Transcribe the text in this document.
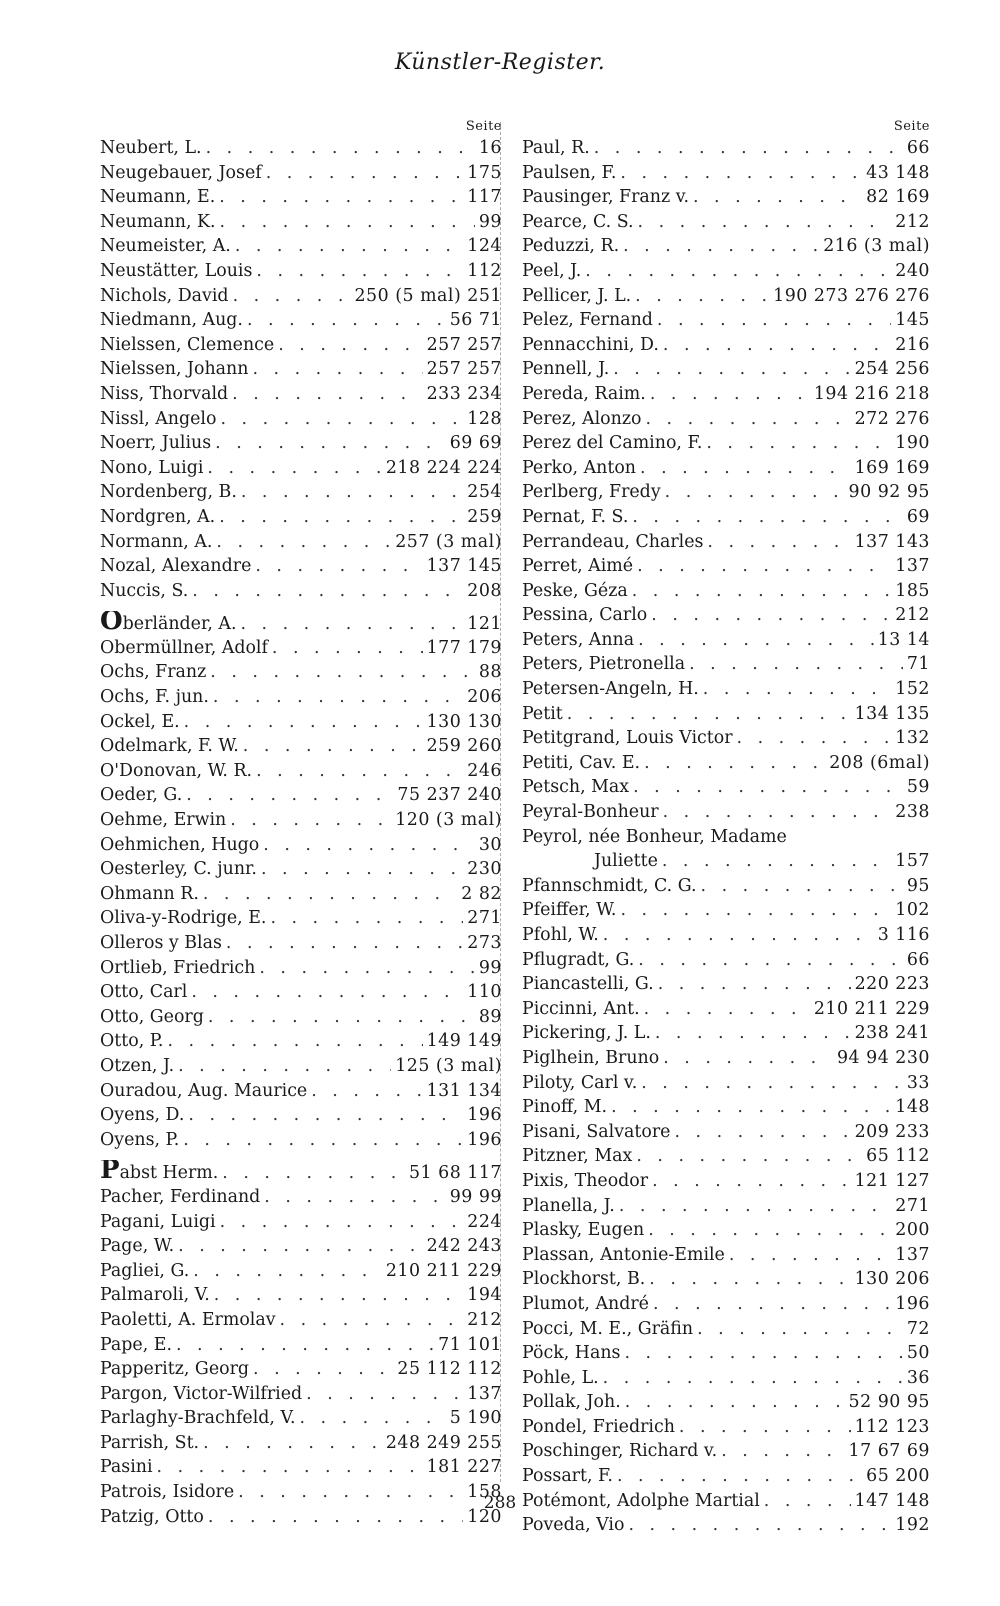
Künstler-Register.
Seite
Neubert, L. . . .	16
Neugebauer, Josef . . .	175
Neumann, E. . . .	117
Neumann, K. . . .	99
Neumeister, A. . . .	124
Neustätter, Louis . . .	112
Nichols, David . . .	250 (5 mal) 251
Niedmann, Aug. . . .	56 71
Nielssen, Clemence . . .	257 257
Nielssen, Johann . . .	257 257
Niss, Thorvald . . .	233 234
Nissl, Angelo . . .	128
Noerr, Julius . . .	69 69
Nono, Luigi . . .	218 224 224
Nordenberg, B. . . .	254
Nordgren, A. . . .	259
Normann, A. . . .	257 (3 mal)
Nozal, Alexandre . . .	137 145
Nuccis, S. . . .	208
Oberländer, A. . . .	121
Obermüllner, Adolf . . .	177 179
Ochs, Franz . . .	88
Ochs, F. jun. . . .	206
Ockel, E. . . .	130 130
Odelmark, F. W. . . .	259 260
O'Donovan, W. R. . . .	246
Oeder, G. . . .	75 237 240
Oehme, Erwin . . .	120 (3 mal)
Oehmichen, Hugo . . .	30
Oesterley, C. junr. . . .	230
Ohmann R. . . .	2 82
Oliva-y-Rodrige, E. . . .	271
Olleros y Blas . . .	273
Ortlieb, Friedrich . . .	99
Otto, Carl . . .	110
Otto, Georg . . .	89
Otto, P. . . .	149 149
Otzen, J. . . .	125 (3 mal)
Ouradou, Aug. Maurice . . .	131 134
Oyens, D. . . .	196
Oyens, P. . . .	196
Pabst Herm. . . .	51 68 117
Pacher, Ferdinand . . .	99 99
Pagani, Luigi . . .	224
Page, W. . . .	242 243
Pagliei, G. . . .	210 211 229
Palmaroli, V. . . .	194
Paoletti, A. Ermolav . . .	212
Pape, E. . . .	71 101
Papperitz, Georg . . .	25 112 112
Pargon, Victor-Wilfried . . .	137
Parlaghy-Brachfeld, V. . . .	5 190
Parrish, St. . . .	248 249 255
Pasini . . .	181 227
Patrois, Isidore . . .	158
Patzig, Otto . . .	120
Seite
Paul, R. . . .	66
Paulsen, F. . . .	43 148
Pausinger, Franz v. . . .	82 169
Pearce, C. S. . . .	212
Peduzzi, R. . . .	216 (3 mal)
Peel, J. . . .	240
Pellicer, J. L. . . .	190 273 276 276
Pelez, Fernand . . .	145
Pennacchini, D. . . .	216
Pennell, J. . . .	254 256
Pereda, Raim. . . .	194 216 218
Perez, Alonzo . . .	272 276
Perez del Camino, F. . . .	190
Perko, Anton . . .	169 169
Perlberg, Fredy . . .	90 92 95
Pernat, F. S. . . .	69
Perrandeau, Charles . . .	137 143
Perret, Aimé . . .	137
Peske, Géza . . .	185
Pessina, Carlo . . .	212
Peters, Anna . . .	13 14
Peters, Pietronella . . .	71
Petersen-Angeln, H. . . .	152
Petit . . .	134 135
Petitgrand, Louis Victor . . .	132
Petiti, Cav. E. . . .	208 (6mal)
Petsch, Max . . .	59
Peyral-Bonheur . . .	238
Peyrol, née Bonheur, Madame
Juliette . . .	157
Pfannschmidt, C. G. . . .	95
Pfeiffer, W. . . .	102
Pfohl, W. . . .	3 116
Pflugradt, G. . . .	66
Piancastelli, G. . . .	220 223
Piccinni, Ant. . . .	210 211 229
Pickering, J. L. . . .	238 241
Piglhein, Bruno . . .	94 94 230
Piloty, Carl v. . . .	33
Pinoff, M. . . .	148
Pisani, Salvatore . . .	209 233
Pitzner, Max . . .	65 112
Pixis, Theodor . . .	121 127
Planella, J. . . .	271
Plasky, Eugen . . .	200
Plassan, Antonie-Emile . . .	137
Plockhorst, B. . . .	130 206
Plumot, André . . .	196
Pocci, M. E., Gräfin . . .	72
Pöck, Hans . . .	50
Pohle, L. . . .	36
Pollak, Joh. . . .	52 90 95
Pondel, Friedrich . . .	112 123
Poschinger, Richard v. . . .	17 67 69
Possart, F. . . .	65 200
Potémont, Adolphe Martial . . .	147 148
Poveda, Vio . . .	192
288
